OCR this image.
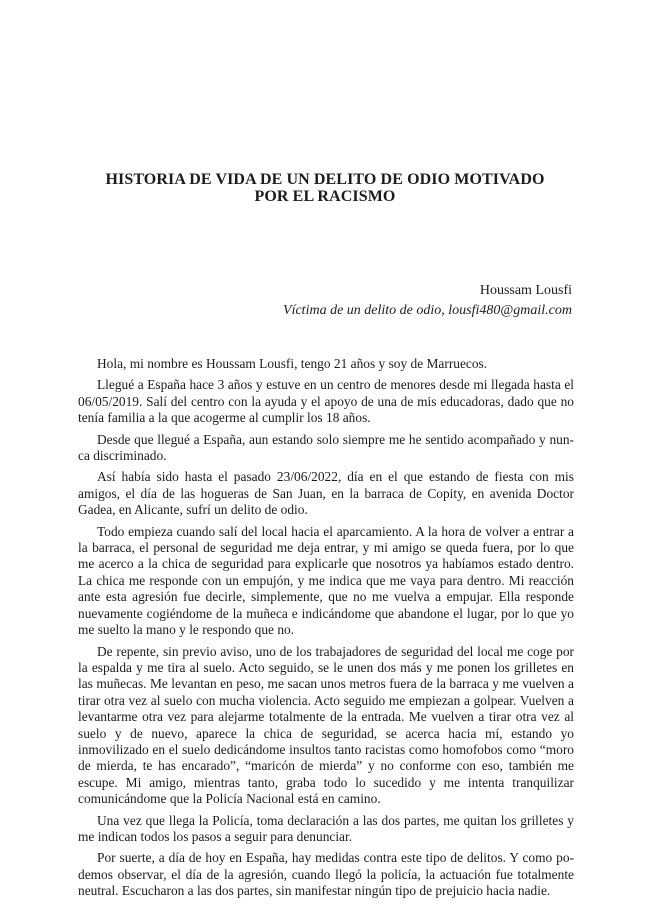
HISTORIA DE VIDA DE UN DELITO DE ODIO MOTIVADO
POR EL RACISMO
Houssam Lousfi
Víctima de un delito de odio, lousfi480@gmail.com

Hola, mi nombre es Houssam Lousfi, tengo 21 años y soy de Marruecos.

Llegué a España hace 3 años y estuve en un centro de menores desde mi llegada hasta el 06/05/2019. Salí del centro con la ayuda y el apoyo de una de mis educadoras, dado que no tenía familia a la que acogerme al cumplir los 18 años.

Desde que llegué a España, aun estando solo siempre me he sentido acompañado y nunca discriminado.

Así había sido hasta el pasado 23/06/2022, día en el que estando de fiesta con mis amigos, el día de las hogueras de San Juan, en la barraca de Copity, en avenida Doctor Gadea, en Alicante, sufrí un delito de odio.

Todo empieza cuando salí del local hacia el aparcamiento. A la hora de volver a entrar a la barraca, el personal de seguridad me deja entrar, y mi amigo se queda fuera, por lo que me acerco a la chica de seguridad para explicarle que nosotros ya habíamos estado dentro. La chica me responde con un empujón, y me indica que me vaya para dentro. Mi reacción ante esta agresión fue decirle, simplemente, que no me vuelva a empujar. Ella responde nuevamente cogiéndome de la muñeca e indicándome que abandone el lugar, por lo que yo me suelto la mano y le respondo que no.

De repente, sin previo aviso, uno de los trabajadores de seguridad del local me coge por la espalda y me tira al suelo. Acto seguido, se le unen dos más y me ponen los grilletes en las muñecas. Me levantan en peso, me sacan unos metros fuera de la barraca y me vuelven a tirar otra vez al suelo con mucha violencia. Acto seguido me empiezan a golpear. Vuelven a levantarme otra vez para alejarme totalmente de la entrada. Me vuelven a tirar otra vez al suelo y de nuevo, aparece la chica de seguridad, se acerca hacia mí, estando yo inmovilizado en el suelo dedicándome insultos tanto racistas como homofobos como “moro de mierda, te has encarado”, “maricón de mierda” y no conforme con eso, también me escupe. Mi amigo, mientras tanto, graba todo lo sucedido y me intenta tranquilizar comunicándome que la Policía Nacional está en camino.

Una vez que llega la Policía, toma declaración a las dos partes, me quitan los grilletes y me indican todos los pasos a seguir para denunciar.

Por suerte, a día de hoy en España, hay medidas contra este tipo de delitos. Y como podemos observar, el día de la agresión, cuando llegó la policía, la actuación fue totalmente neutral. Escucharon a las dos partes, sin manifestar ningún tipo de prejuicio hacia nadie.
